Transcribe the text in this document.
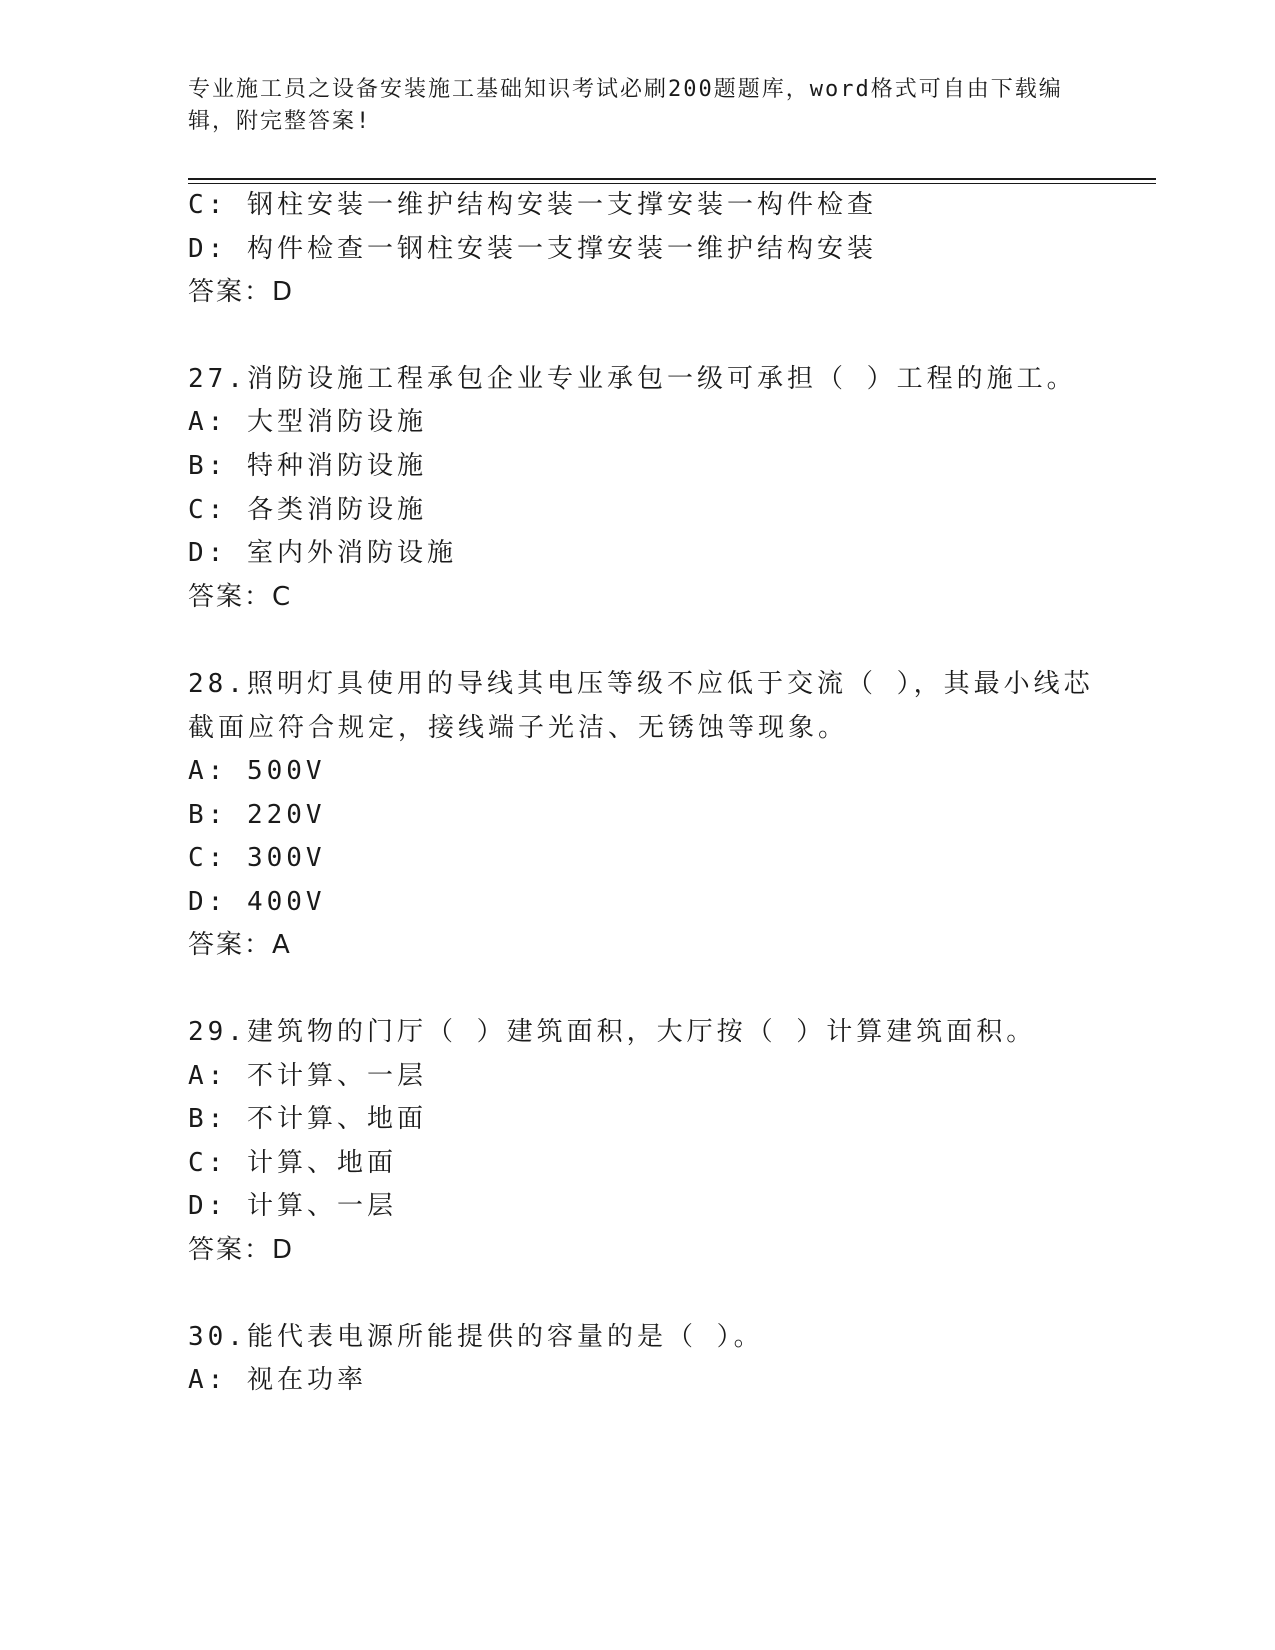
专业施工员之设备安装施工基础知识考试必刷200题题库，word格式可自由下载编辑，附完整答案!
C: 钢柱安装一维护结构安装一支撑安装一构件检查
D: 构件检查一钢柱安装一支撑安装一维护结构安装
答案：D
27.消防设施工程承包企业专业承包一级可承担（ ）工程的施工。
A: 大型消防设施
B: 特种消防设施
C: 各类消防设施
D: 室内外消防设施
答案：C
28.照明灯具使用的导线其电压等级不应低于交流（ ），其最小线芯
截面应符合规定，接线端子光洁、无锈蚀等现象。
A: 500V
B: 220V
C: 300V
D: 400V
答案：A
29.建筑物的门厅（ ）建筑面积，大厅按（ ）计算建筑面积。
A: 不计算、一层
B: 不计算、地面
C: 计算、地面
D: 计算、一层
答案：D
30.能代表电源所能提供的容量的是（ ）。
A: 视在功率
